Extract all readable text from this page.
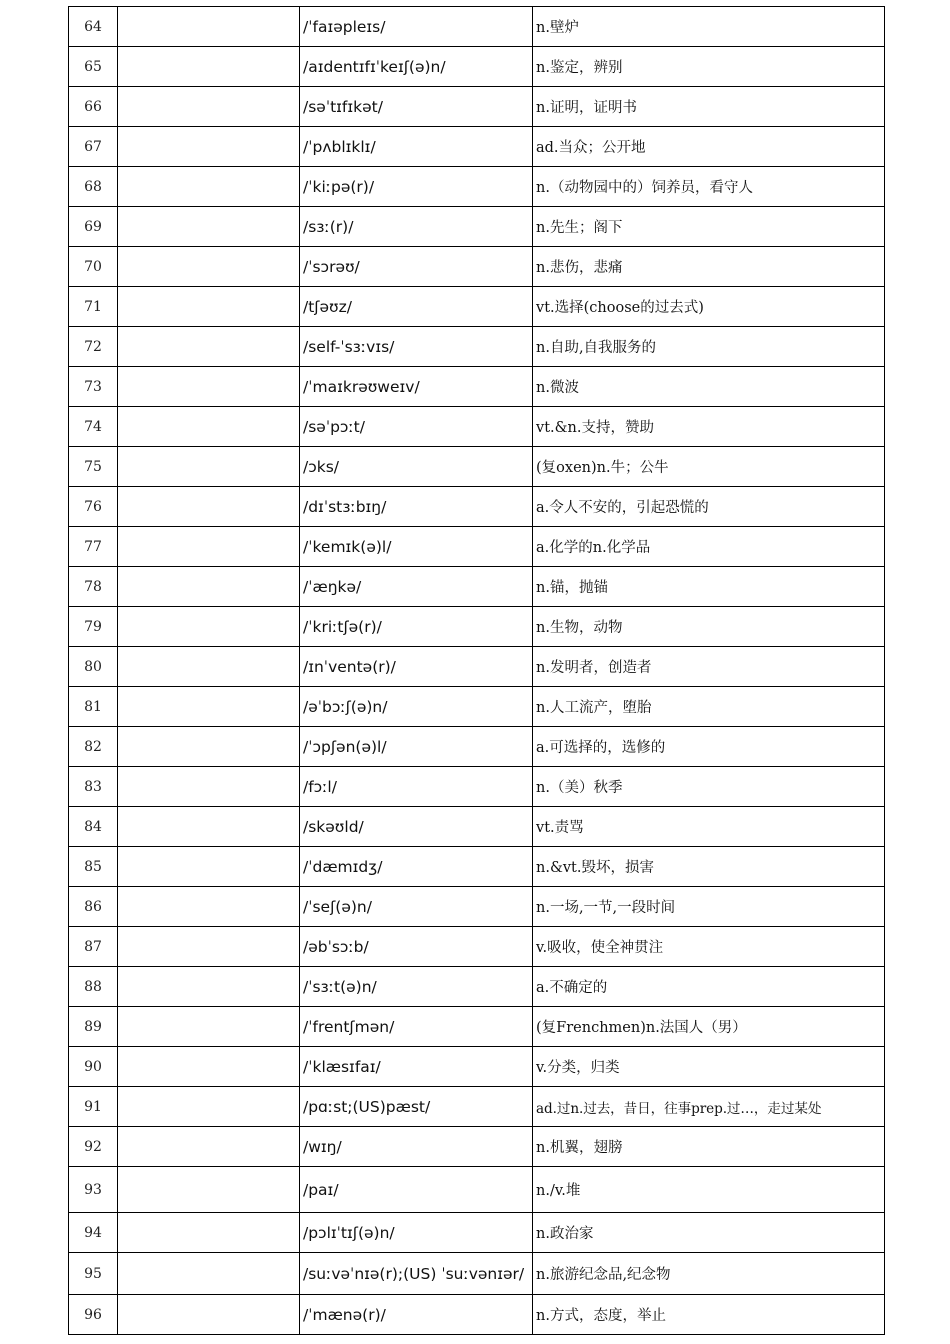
64		/ˈfaɪəpleɪs/	n.壁炉
65		/aɪdentɪfɪˈkeɪʃ(ə)n/	n.鉴定，辨别
66		/səˈtɪfɪkət/	n.证明，证明书
67		/ˈpʌblɪklɪ/	ad.当众；公开地
68		/ˈkiːpə(r)/	n.（动物园中的）饲养员，看守人
69		/sɜː(r)/	n.先生；阁下
70		/ˈsɔrəʊ/	n.悲伤，悲痛
71		/tʃəʊz/	vt.选择(choose的过去式)
72		/self-ˈsɜːvɪs/	n.自助,自我服务的
73		/ˈmaɪkrəʊweɪv/	n.微波
74		/səˈpɔːt/	vt.&n.支持，赞助
75		/ɔks/	(复oxen)n.牛；公牛
76		/dɪˈstɜːbɪŋ/	a.令人不安的，引起恐慌的
77		/ˈkemɪk(ə)l/	a.化学的n.化学品
78		/ˈæŋkə/	n.锚，抛锚
79		/ˈkriːtʃə(r)/	n.生物，动物
80		/ɪnˈventə(r)/	n.发明者，创造者
81		/əˈbɔːʃ(ə)n/	n.人工流产，堕胎
82		/ˈɔpʃən(ə)l/	a.可选择的，选修的
83		/fɔːl/	n.（美）秋季
84		/skəʊld/	vt.责骂
85		/ˈdæmɪdʒ/	n.&vt.毁坏，损害
86		/ˈseʃ(ə)n/	n.一场,一节,一段时间
87		/əbˈsɔːb/	v.吸收，使全神贯注
88		/ˈsɜːt(ə)n/	a.不确定的
89		/ˈfrentʃmən/	(复Frenchmen)n.法国人（男）
90		/ˈklæsɪfaɪ/	v.分类，归类
91		/pɑːst;(US)pæst/	ad.过n.过去，昔日，往事prep.过…，走过某处
92		/wɪŋ/	n.机翼，翅膀
93		/paɪ/	n./v.堆
94		/pɔlɪˈtɪʃ(ə)n/	n.政治家
95		/suːvəˈnɪə(r);(US) ˈsuːvənɪər/	n.旅游纪念品,纪念物
96		/ˈmænə(r)/	n.方式，态度，举止
